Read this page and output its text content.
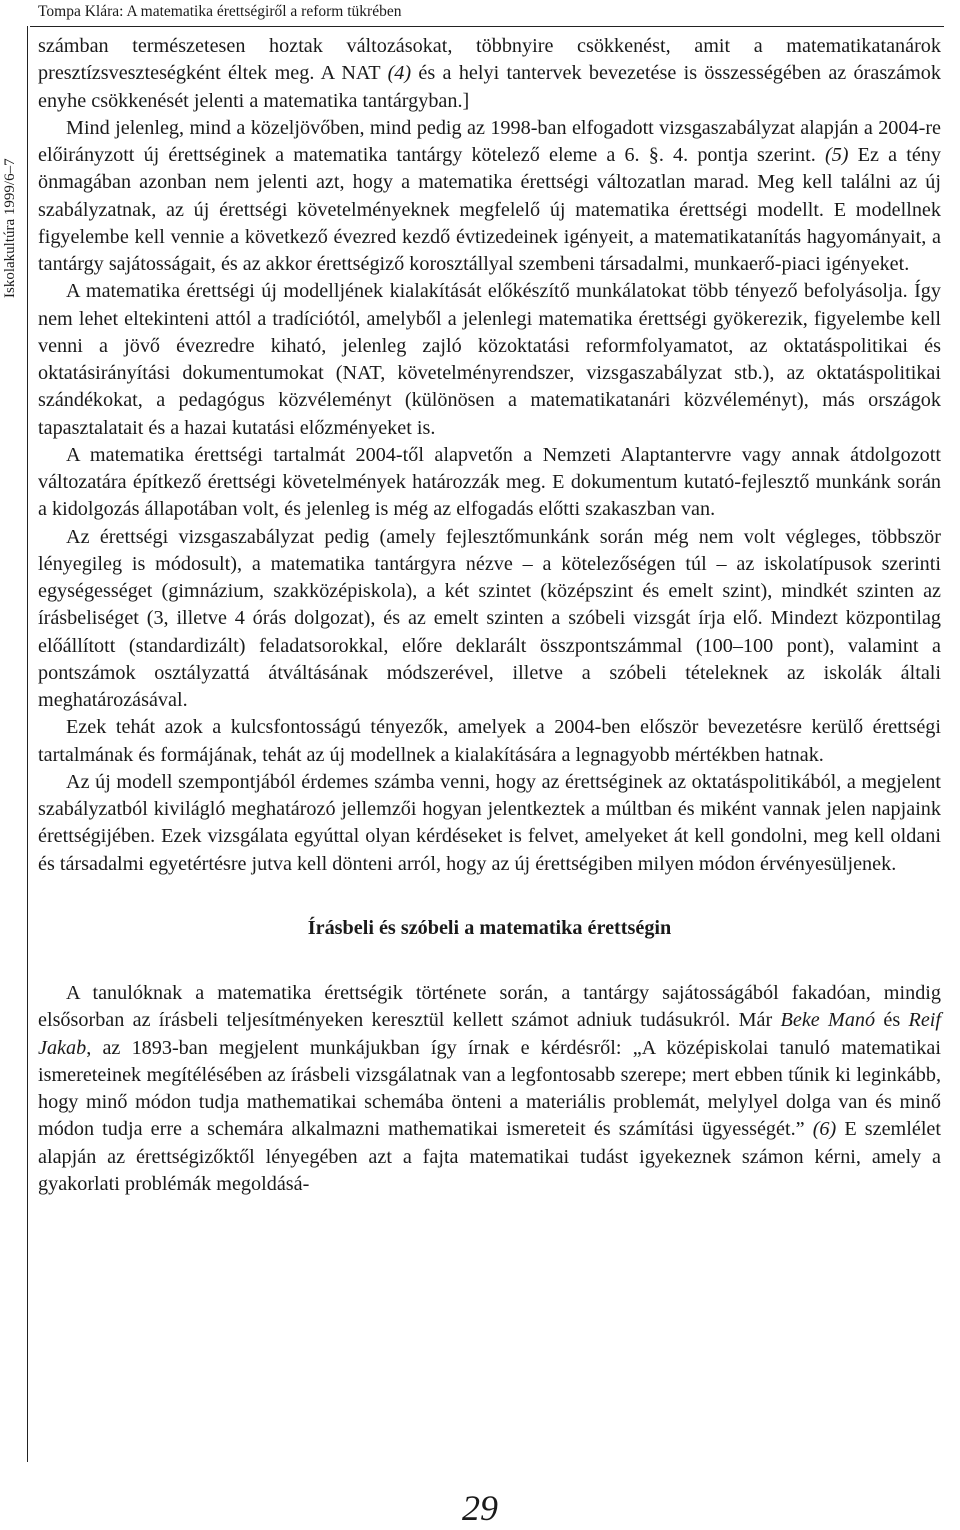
Tompa Klára: A matematika érettségiről a reform tükrében
Iskolakultúra 1999/6–7

számban természetesen hoztak változásokat, többnyire csökkenést, amit a matematikatanárok presztízsveszteségként éltek meg. A NAT (4) és a helyi tantervek bevezetése is összességében az óraszámok enyhe csökkenését jelenti a matematika tantárgyban.]

Mind jelenleg, mind a közeljövőben, mind pedig az 1998-ban elfogadott vizsgaszabályzat alapján a 2004-re előirányzott új érettséginek a matematika tantárgy kötelező eleme a 6. §. 4. pontja szerint. (5) Ez a tény önmagában azonban nem jelenti azt, hogy a matematika érettségi változatlan marad. Meg kell találni az új szabályzatnak, az új érettségi követelményeknek megfelelő új matematika érettségi modellt. E modellnek figyelembe kell vennie a következő évezred kezdő évtizedeinek igényeit, a matematikatanítás hagyományait, a tantárgy sajátosságait, és az akkor érettségiző korosztállyal szembeni társadalmi, munkaerő-piaci igényeket.

A matematika érettségi új modelljének kialakítását előkészítő munkálatokat több tényező befolyásolja. Így nem lehet eltekinteni attól a tradíciótól, amelyből a jelenlegi matematika érettségi gyökerezik, figyelembe kell venni a jövő évezredre kiható, jelenleg zajló közoktatási reformfolyamatot, az oktatáspolitikai és oktatásirányítási dokumentumokat (NAT, követelményrendszer, vizsgaszabályzat stb.), az oktatáspolitikai szándékokat, a pedagógus közvéleményt (különösen a matematikatanári közvéleményt), más országok tapasztalatait és a hazai kutatási előzményeket is.

A matematika érettségi tartalmát 2004-től alapvetőn a Nemzeti Alaptantervre vagy annak átdolgozott változatára építkező érettségi követelmények határozzák meg. E dokumentum kutató-fejlesztő munkánk során a kidolgozás állapotában volt, és jelenleg is még az elfogadás előtti szakaszban van.

Az érettségi vizsgaszabályzat pedig (amely fejlesztőmunkánk során még nem volt végleges, többször lényegileg is módosult), a matematika tantárgyra nézve – a kötelezőségen túl – az iskolatípusok szerinti egységességet (gimnázium, szakközépiskola), a két szintet (középszint és emelt szint), mindkét szinten az írásbeliséget (3, illetve 4 órás dolgozat), és az emelt szinten a szóbeli vizsgát írja elő. Mindezt központilag előállított (standardizált) feladatsorokkal, előre deklarált összpontszámmal (100–100 pont), valamint a pontszámok osztályzattá átváltásának módszerével, illetve a szóbeli tételeknek az iskolák általi meghatározásával.

Ezek tehát azok a kulcsfontosságú tényezők, amelyek a 2004-ben először bevezetésre kerülő érettségi tartalmának és formájának, tehát az új modellnek a kialakítására a legnagyobb mértékben hatnak.

Az új modell szempontjából érdemes számba venni, hogy az érettséginek az oktatáspolitikából, a megjelent szabályzatból kivilágló meghatározó jellemzői hogyan jelentkeztek a múltban és miként vannak jelen napjaink érettségijében. Ezek vizsgálata egyúttal olyan kérdéseket is felvet, amelyeket át kell gondolni, meg kell oldani és társadalmi egyetértésre jutva kell dönteni arról, hogy az új érettségiben milyen módon érvényesüljenek.

Írásbeli és szóbeli a matematika érettségin

A tanulóknak a matematika érettségik története során, a tantárgy sajátosságából fakadóan, mindig elsősorban az írásbeli teljesítményeken keresztül kellett számot adniuk tudásukról. Már Beke Manó és Reif Jakab, az 1893-ban megjelent munkájukban így írnak e kérdésről: „A középiskolai tanuló matematikai ismereteinek megítélésében az írásbeli vizsgálatnak van a legfontosabb szerepe; mert ebben tűnik ki leginkább, hogy minő módon tudja mathematikai schemába önteni a materiális problemát, melylyel dolga van és minő módon tudja erre a schemára alkalmazni mathematikai ismereteit és számítási ügyességét.” (6) E szemlélet alapján az érettségizőktől lényegében azt a fajta matematikai tudást igyekeznek számon kérni, amely a gyakorlati problémák megoldásá-

29
